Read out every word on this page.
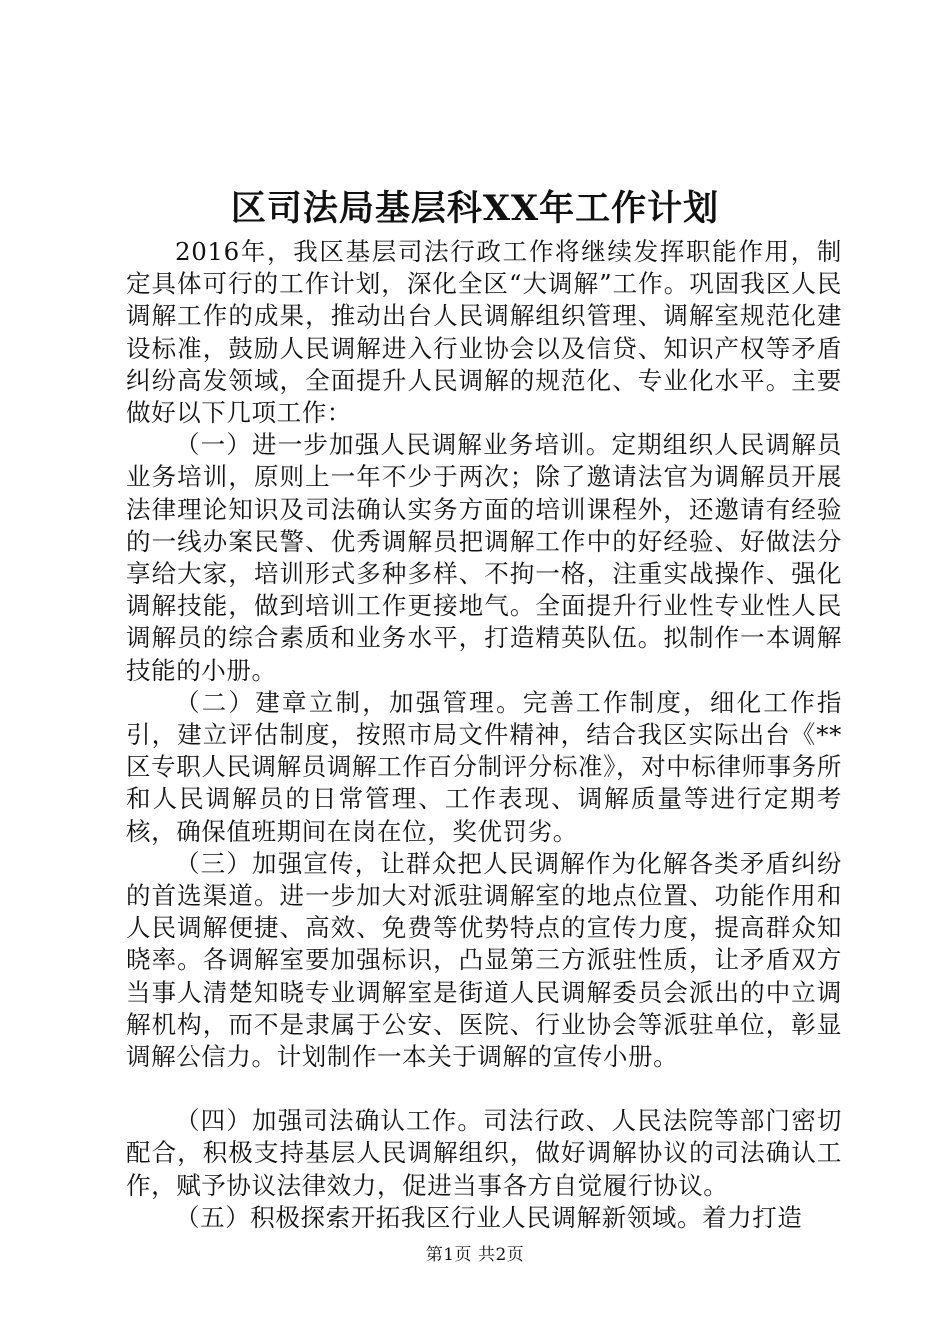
区司法局基层科XX年工作计划

2016年，我区基层司法行政工作将继续发挥职能作用，制定具体可行的工作计划，深化全区“大调解”工作。巩固我区人民调解工作的成果，推动出台人民调解组织管理、调解室规范化建设标准，鼓励人民调解进入行业协会以及信贷、知识产权等矛盾纠纷高发领域，全面提升人民调解的规范化、专业化水平。主要做好以下几项工作：

（一）进一步加强人民调解业务培训。定期组织人民调解员业务培训，原则上一年不少于两次；除了邀请法官为调解员开展法律理论知识及司法确认实务方面的培训课程外，还邀请有经验的一线办案民警、优秀调解员把调解工作中的好经验、好做法分享给大家，培训形式多种多样、不拘一格，注重实战操作、强化调解技能，做到培训工作更接地气。全面提升行业性专业性人民调解员的综合素质和业务水平，打造精英队伍。拟制作一本调解技能的小册。

（二）建章立制，加强管理。完善工作制度，细化工作指引，建立评估制度，按照市局文件精神，结合我区实际出台《**区专职人民调解员调解工作百分制评分标准》，对中标律师事务所和人民调解员的日常管理、工作表现、调解质量等进行定期考核，确保值班期间在岗在位，奖优罚劣。

（三）加强宣传，让群众把人民调解作为化解各类矛盾纠纷的首选渠道。进一步加大对派驻调解室的地点位置、功能作用和人民调解便捷、高效、免费等优势特点的宣传力度，提高群众知晓率。各调解室要加强标识，凸显第三方派驻性质，让矛盾双方当事人清楚知晓专业调解室是街道人民调解委员会派出的中立调解机构，而不是隶属于公安、医院、行业协会等派驻单位，彰显调解公信力。计划制作一本关于调解的宣传小册。

（四）加强司法确认工作。司法行政、人民法院等部门密切配合，积极支持基层人民调解组织，做好调解协议的司法确认工作，赋予协议法律效力，促进当事各方自觉履行协议。

（五）积极探索开拓我区行业人民调解新领域。着力打造

第1页 共2页
